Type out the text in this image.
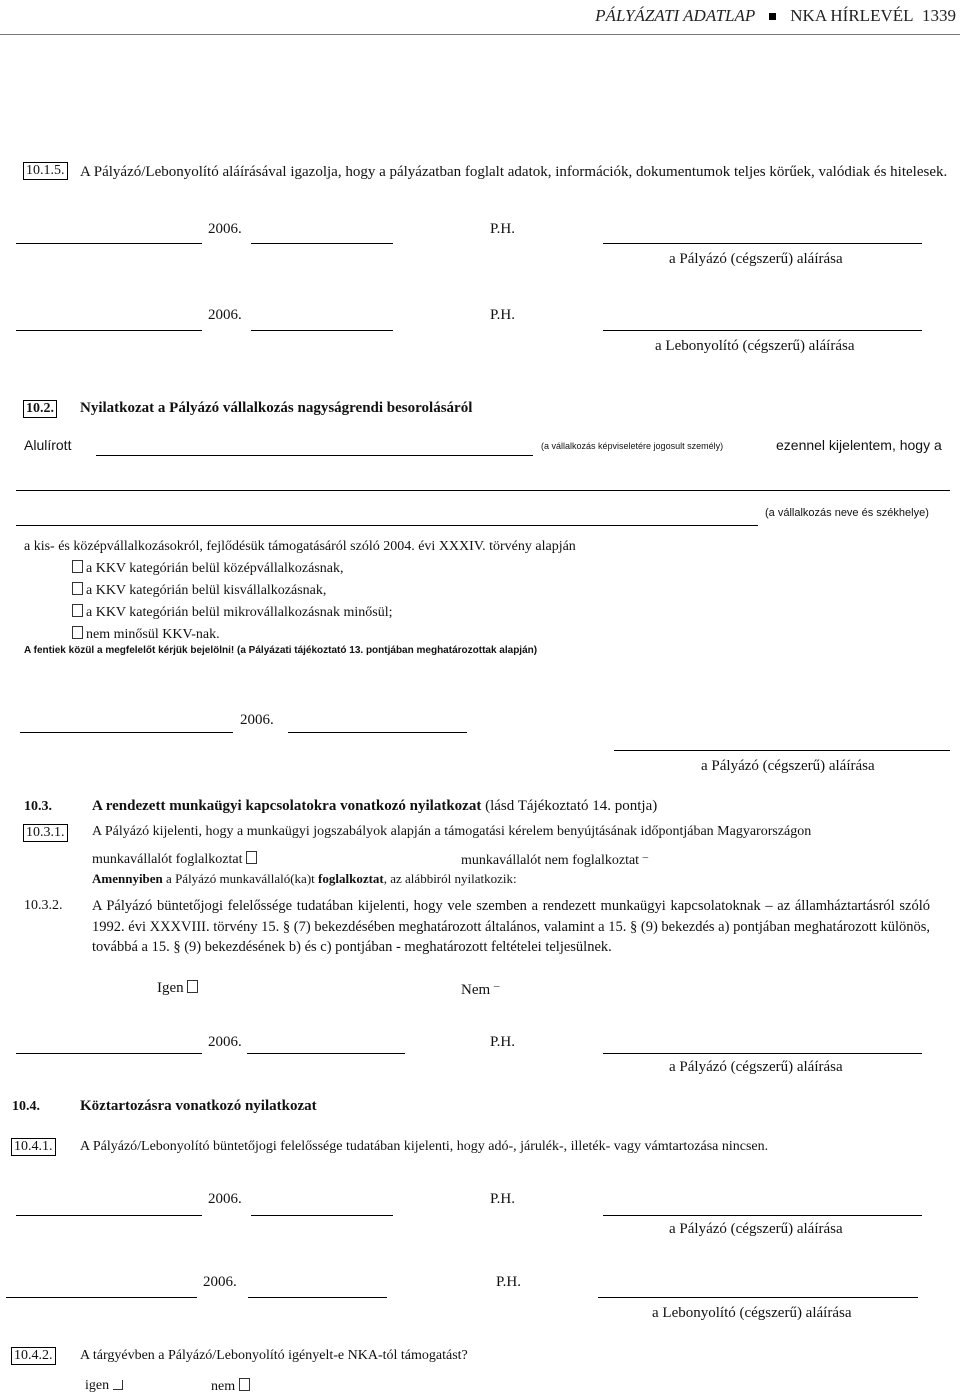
PÁLYÁZATI ADATLAP NKA HÍRLEVÉL 1339
10.1.5. A Pályázó/Lebonyolító aláírásával igazolja, hogy a pályázatban foglalt adatok, információk, dokumentumok teljes körűek, valódiak és hitelesek.
2006.	P.H.
a Pályázó (cégszerű) aláírása
2006.	P.H.
a Lebonyolító (cégszerű) aláírása
10.2. Nyilatkozat a Pályázó vállalkozás nagyságrendi besorolásáról
Alulírott	(a vállalkozás képviseletére jogosult személy)	ezennel kijelentem, hogy a
(a vállalkozás neve és székhelye)
a kis- és középvállalkozásokról, fejlődésük támogatásáról szóló 2004. évi XXXIV. törvény alapján
a KKV kategórián belül középvállalkozásnak,
a KKV kategórián belül kisvállalkozásnak,
a KKV kategórián belül mikrovállalkozásnak minősül;
nem minősül KKV-nak.
A fentiek közül a megfelelőt kérjük bejelölni! (a Pályázati tájékoztató 13. pontjában meghatározottak alapján)
2006.
a Pályázó (cégszerű) aláírása
10.3.	A rendezett munkaügyi kapcsolatokra vonatkozó nyilatkozat (lásd Tájékoztató 14. pontja)
10.3.1. A Pályázó kijelenti, hogy a munkaügyi jogszabályok alapján a támogatási kérelem benyújtásának időpontjában Magyarországon
munkavállalót foglalkoztat	munkavállalót nem foglalkoztat –
Amennyiben a Pályázó munkavállaló(ka)t foglalkoztat, az alábbiról nyilatkozik:
10.3.2. A Pályázó büntetőjogi felelőssége tudatában kijelenti, hogy vele szemben a rendezett munkaügyi kapcsolatoknak – az államháztartásról szóló 1992. évi XXXVIII. törvény 15. § (7) bekezdésében meghatározott általános, valamint a 15. § (9) bekezdés a) pontjában meghatározott különös, továbbá a 15. § (9) bekezdésének b) és c) pontjában - meghatározott feltételei teljesülnek.
Igen	Nem –
2006.	P.H.
a Pályázó (cégszerű) aláírása
10.4.	Köztartozásra vonatkozó nyilatkozat
10.4.1. A Pályázó/Lebonyolító büntetőjogi felelőssége tudatában kijelenti, hogy adó-, járulék-, illeték- vagy vámtartozása nincsen.
2006.	P.H.
a Pályázó (cégszerű) aláírása
2006.	P.H.
a Lebonyolító (cégszerű) aláírása
10.4.2. A tárgyévben a Pályázó/Lebonyolító igényelt-e NKA-tól támogatást?
igen	nem
